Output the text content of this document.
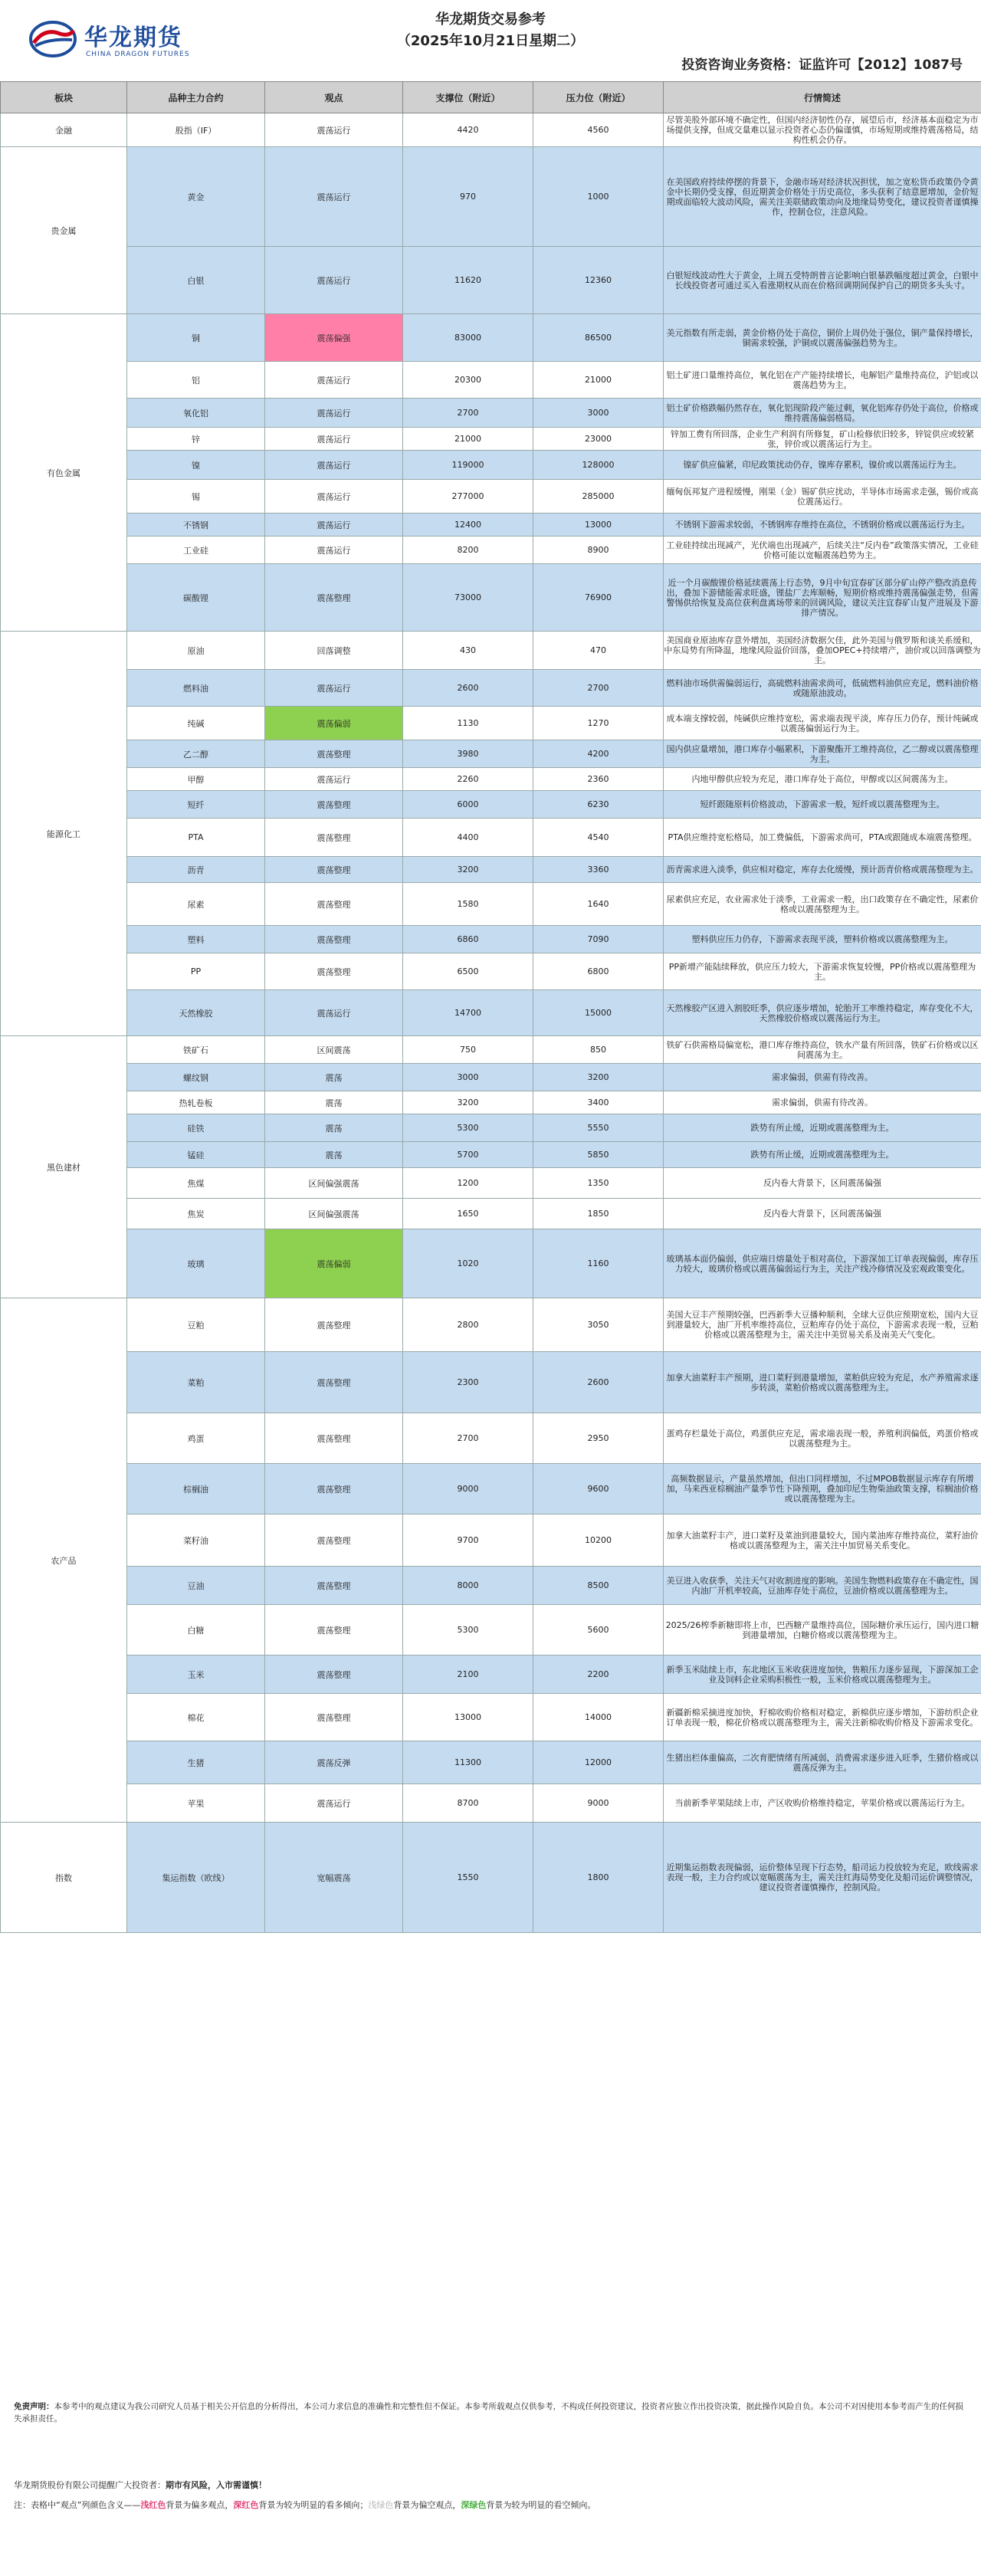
华龙期货
CHINA DRAGON FUTURES
华龙期货交易参考
（2025年10月21日星期二）
投资咨询业务资格：证监许可【2012】1087号
板块	品种主力合约	观点	支撑位（附近）	压力位（附近）	行情简述
金融	股指（IF）	震荡运行	4420	4560	尽管美股外部环境不确定性，但国内经济韧性仍存，展望后市，经济基本面稳定为市场提供支撑，但成交量难以显示投资者心态仍偏谨慎，市场短期或维持震荡格局，结构性机会仍存。
贵金属	黄金	震荡运行	970	1000	在美国政府持续停摆的背景下，金融市场对经济状况担忧，加之宽松货币政策仍令黄金中长期仍受支撑，但近期黄金价格处于历史高位，多头获利了结意愿增加，金价短期或面临较大波动风险，需关注美联储政策动向及地缘局势变化，建议投资者谨慎操作，控制仓位，注意风险。
	白银	震荡运行	11620	12360	白银短线波动性大于黄金，上周五受特朗普言论影响白银暴跌幅度超过黄金，白银中长线投资者可通过买入看涨期权从而在价格回调期间保护自己的期货多头头寸。
有色金属	铜	震荡偏强	83000	86500	美元指数有所走弱，黄金价格仍处于高位，铜价上周仍处于强位，铜产量保持增长，铜需求较强，沪铜或以震荡偏强趋势为主。
	铝	震荡运行	20300	21000	铝土矿进口量维持高位，氧化铝在产产能持续增长，电解铝产量维持高位，沪铝或以震荡趋势为主。
	氧化铝	震荡运行	2700	3000	铝土矿价格跌幅仍然存在，氧化铝现阶段产能过剩，氧化铝库存仍处于高位，价格或维持震荡偏弱格局。
	锌	震荡运行	21000	23000	锌加工费有所回落，企业生产利润有所修复，矿山检修依旧较多，锌锭供应或较紧张，锌价或以震荡运行为主。
	镍	震荡运行	119000	128000	镍矿供应偏紧，印尼政策扰动仍存，镍库存累积，镍价或以震荡运行为主。
	锡	震荡运行	277000	285000	缅甸佤邦复产进程缓慢，刚果（金）锡矿供应扰动，半导体市场需求走强，锡价或高位震荡运行。
	不锈钢	震荡运行	12400	13000	不锈钢下游需求较弱，不锈钢库存维持在高位，不锈钢价格或以震荡运行为主。
	工业硅	震荡运行	8200	8900	工业硅持续出现减产，光伏端也出现减产，后续关注“反内卷”政策落实情况，工业硅价格可能以宽幅震荡趋势为主。
	碳酸锂	震荡整理	73000	76900	近一个月碳酸锂价格延续震荡上行态势，9月中旬宜春矿区部分矿山停产整改消息传出，叠加下游储能需求旺盛，锂盐厂去库顺畅，短期价格或维持震荡偏强走势，但需警惕供给恢复及高位获利盘离场带来的回调风险，建议关注宜春矿山复产进展及下游排产情况。
能源化工	原油	回落调整	430	470	美国商业原油库存意外增加，美国经济数据欠佳，此外美国与俄罗斯和谈关系缓和，中东局势有所降温，地缘风险溢价回落，叠加OPEC+持续增产，油价或以回落调整为主。
	燃料油	震荡运行	2600	2700	燃料油市场供需偏弱运行，高硫燃料油需求尚可，低硫燃料油供应充足，燃料油价格或随原油波动。
	纯碱	震荡偏弱	1130	1270	成本端支撑较弱，纯碱供应维持宽松，需求端表现平淡，库存压力仍存，预计纯碱或以震荡偏弱运行为主。
	乙二醇	震荡整理	3980	4200	国内供应量增加，港口库存小幅累积，下游聚酯开工维持高位，乙二醇或以震荡整理为主。
	甲醇	震荡运行	2260	2360	内地甲醇供应较为充足，港口库存处于高位，甲醇或以区间震荡为主。
	短纤	震荡整理	6000	6230	短纤跟随原料价格波动，下游需求一般，短纤或以震荡整理为主。
	PTA	震荡整理	4400	4540	PTA供应维持宽松格局，加工费偏低，下游需求尚可，PTA或跟随成本端震荡整理。
	沥青	震荡整理	3200	3360	沥青需求进入淡季，供应相对稳定，库存去化缓慢，预计沥青价格或震荡整理为主。
	尿素	震荡整理	1580	1640	尿素供应充足，农业需求处于淡季，工业需求一般，出口政策存在不确定性，尿素价格或以震荡整理为主。
	塑料	震荡整理	6860	7090	塑料供应压力仍存，下游需求表现平淡，塑料价格或以震荡整理为主。
	PP	震荡整理	6500	6800	PP新增产能陆续释放，供应压力较大，下游需求恢复较慢，PP价格或以震荡整理为主。
	天然橡胶	震荡运行	14700	15000	天然橡胶产区进入割胶旺季，供应逐步增加，轮胎开工率维持稳定，库存变化不大，天然橡胶价格或以震荡运行为主。
黑色建材	铁矿石	区间震荡	750	850	铁矿石供需格局偏宽松，港口库存维持高位，铁水产量有所回落，铁矿石价格或以区间震荡为主。
	螺纹钢	震荡	3000	3200	需求偏弱，供需有待改善。
	热轧卷板	震荡	3200	3400	需求偏弱，供需有待改善。
	硅铁	震荡	5300	5550	跌势有所止缓，近期或震荡整理为主。
	锰硅	震荡	5700	5850	跌势有所止缓，近期或震荡整理为主。
	焦煤	区间偏强震荡	1200	1350	反内卷大背景下，区间震荡偏强
	焦炭	区间偏强震荡	1650	1850	反内卷大背景下，区间震荡偏强
	玻璃	震荡偏弱	1020	1160	玻璃基本面仍偏弱，供应端日熔量处于相对高位，下游深加工订单表现偏弱，库存压力较大，玻璃价格或以震荡偏弱运行为主，关注产线冷修情况及宏观政策变化。
农产品	豆粕	震荡整理	2800	3050	美国大豆丰产预期较强，巴西新季大豆播种顺利，全球大豆供应预期宽松，国内大豆到港量较大，油厂开机率维持高位，豆粕库存仍处于高位，下游需求表现一般，豆粕价格或以震荡整理为主，需关注中美贸易关系及南美天气变化。
	菜粕	震荡整理	2300	2600	加拿大油菜籽丰产预期，进口菜籽到港量增加，菜粕供应较为充足，水产养殖需求逐步转淡，菜粕价格或以震荡整理为主。
	鸡蛋	震荡整理	2700	2950	蛋鸡存栏量处于高位，鸡蛋供应充足，需求端表现一般，养殖利润偏低，鸡蛋价格或以震荡整理为主。
	棕榈油	震荡整理	9000	9600	高频数据显示，产量虽然增加，但出口同样增加，不过MPOB数据显示库存有所增加，马来西亚棕榈油产量季节性下降预期，叠加印尼生物柴油政策支撑，棕榈油价格或以震荡整理为主。
	菜籽油	震荡整理	9700	10200	加拿大油菜籽丰产，进口菜籽及菜油到港量较大，国内菜油库存维持高位，菜籽油价格或以震荡整理为主，需关注中加贸易关系变化。
	豆油	震荡整理	8000	8500	美豆进入收获季，关注天气对收割进度的影响。美国生物燃料政策存在不确定性，国内油厂开机率较高，豆油库存处于高位，豆油价格或以震荡整理为主。
	白糖	震荡整理	5300	5600	2025/26榨季新糖即将上市，巴西糖产量维持高位，国际糖价承压运行，国内进口糖到港量增加，白糖价格或以震荡整理为主。
	玉米	震荡整理	2100	2200	新季玉米陆续上市，东北地区玉米收获进度加快，售粮压力逐步显现，下游深加工企业及饲料企业采购积极性一般，玉米价格或以震荡整理为主。
	棉花	震荡整理	13000	14000	新疆新棉采摘进度加快，籽棉收购价格相对稳定，新棉供应逐步增加，下游纺织企业订单表现一般，棉花价格或以震荡整理为主，需关注新棉收购价格及下游需求变化。
	生猪	震荡反弹	11300	12000	生猪出栏体重偏高，二次育肥情绪有所减弱，消费需求逐步进入旺季，生猪价格或以震荡反弹为主。
	苹果	震荡运行	8700	9000	当前新季苹果陆续上市，产区收购价格维持稳定，苹果价格或以震荡运行为主。
指数	集运指数（欧线）	宽幅震荡	1550	1800	近期集运指数表现偏弱，运价整体呈现下行态势，船司运力投放较为充足，欧线需求表现一般，主力合约或以宽幅震荡为主，需关注红海局势变化及船司运价调整情况，建议投资者谨慎操作，控制风险。
免责声明：本参考中的观点建议为我公司研究人员基于相关公开信息的分析得出，本公司力求信息的准确性和完整性但不保证。本参考所载观点仅供参考，不构成任何投资建议，投资者应独立作出投资决策，据此操作风险自负。本公司不对因使用本参考而产生的任何损失承担责任。
华龙期货股份有限公司提醒广大投资者：期市有风险，入市需谨慎！
注：表格中“观点”列颜色含义——浅红色背景为偏多观点，深红色背景为较为明显的看多倾向；浅绿色背景为偏空观点，深绿色背景为较为明显的看空倾向。
